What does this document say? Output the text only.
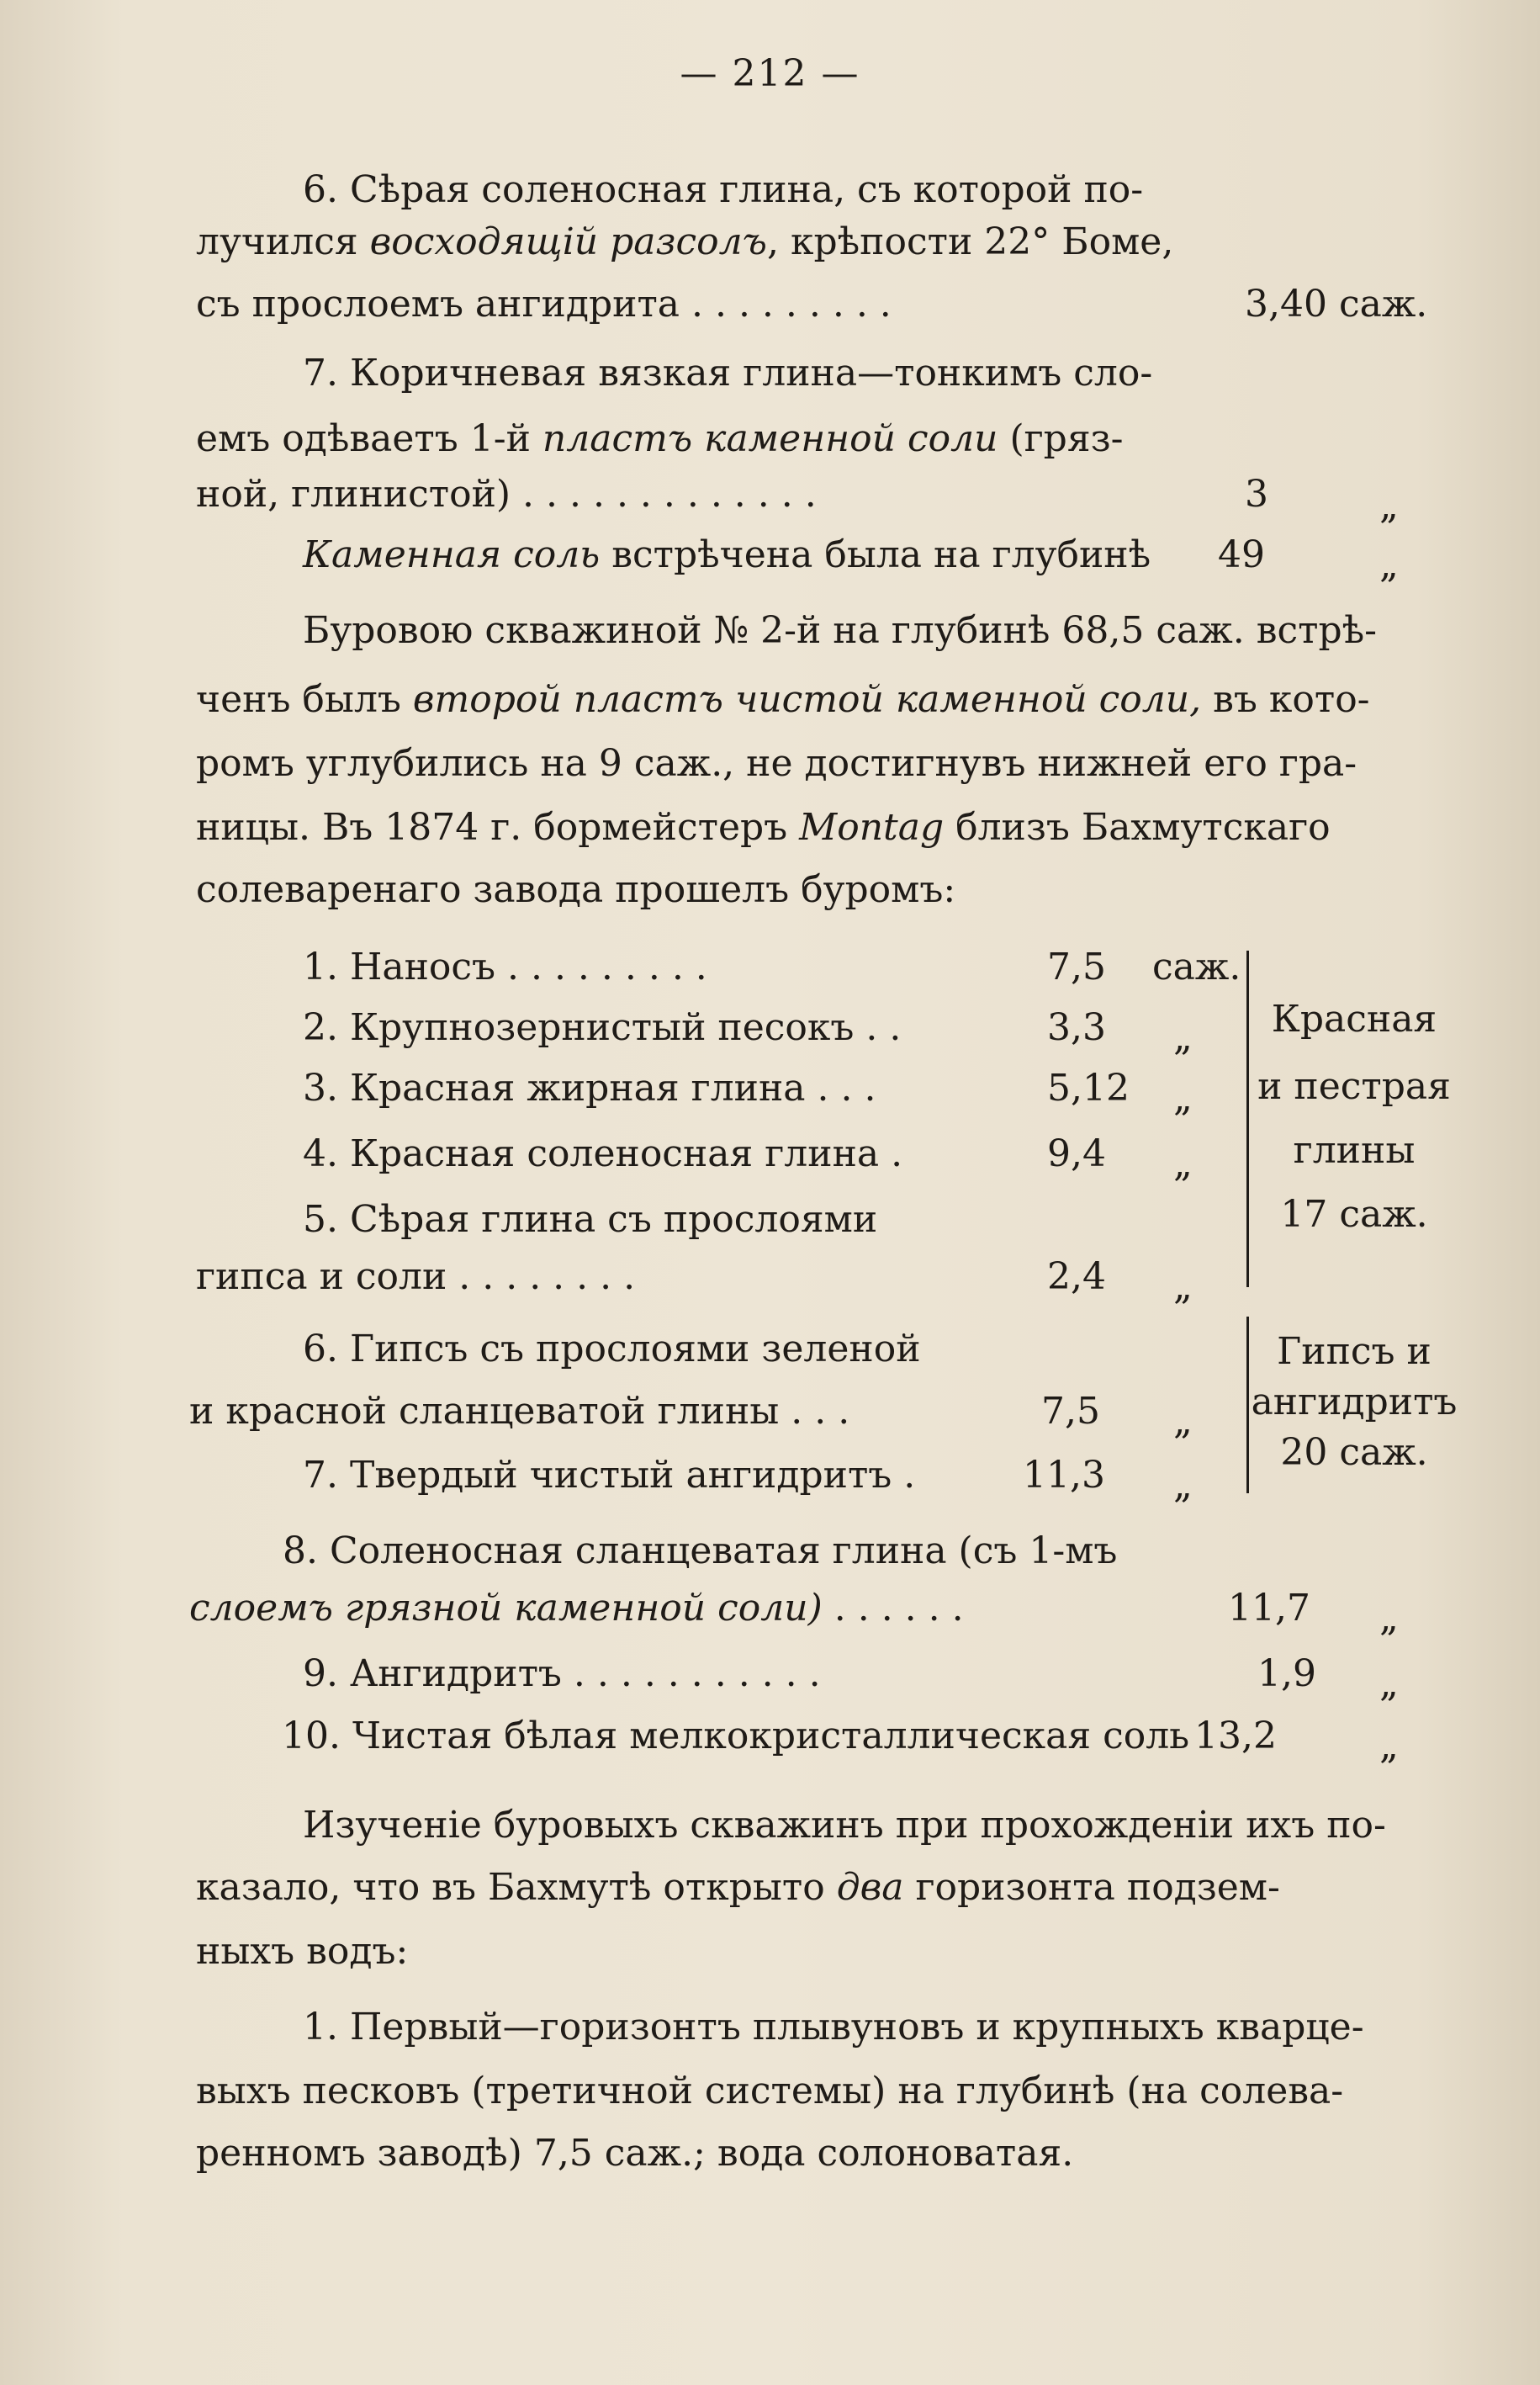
— 212 —
6. Сѣрая соленосная глина, съ которой по-
лучился восходящій разсолъ, крѣпости 22° Боме,
съ прослоемъ ангидрита . . . . . . . . .	3,40 саж.
7. Коричневая вязкая глина—тонкимъ сло-
емъ одѣваетъ 1-й пластъ каменной соли (гряз-
ной, глинистой) . . . . . . . . . . . . .	3	„
Каменная соль встрѣчена была на глубинѣ 49	„
Буровою скважиной № 2-й на глубинѣ 68,5 саж. встрѣ-
ченъ былъ второй пластъ чистой каменной соли, въ кото-
ромъ углубились на 9 саж., не достигнувъ нижней его гра-
ницы. Въ 1874 г. бормейстеръ Montag близъ Бахмутскаго
солеваренаго завода прошелъ буромъ:
1. Наносъ . . . . . . . . .	7,5 саж.
2. Крупнозернистый песокъ . .	3,3 „
3. Красная жирная глина . . .	5,12 „
4. Красная соленосная глина .	9,4 „
5. Сѣрая глина съ прослоями
гипса и соли . . . . . . . .	2,4 „
Красная
и пестрая
глины
17 саж.
6. Гипсъ съ прослоями зеленой
и красной сланцеватой глины . . .	7,5 „
7. Твердый чистый ангидритъ .	11,3 „
Гипсъ и
ангидритъ
20 саж.
8. Соленосная сланцеватая глина (съ 1-мъ
слоемъ грязной каменной соли) . . . . . .	11,7 „
9. Ангидритъ . . . . . . . . . . .	1,9 „
10. Чистая бѣлая мелкокристаллическая соль 13,2	„
Изученіе буровыхъ скважинъ при прохожденіи ихъ по-
казало, что въ Бахмутѣ открыто два горизонта подзем-
ныхъ водъ:
1. Первый—горизонтъ плывуновъ и крупныхъ кварце-
выхъ песковъ (третичной системы) на глубинѣ (на солева-
ренномъ заводѣ) 7,5 саж.; вода солоноватая.
